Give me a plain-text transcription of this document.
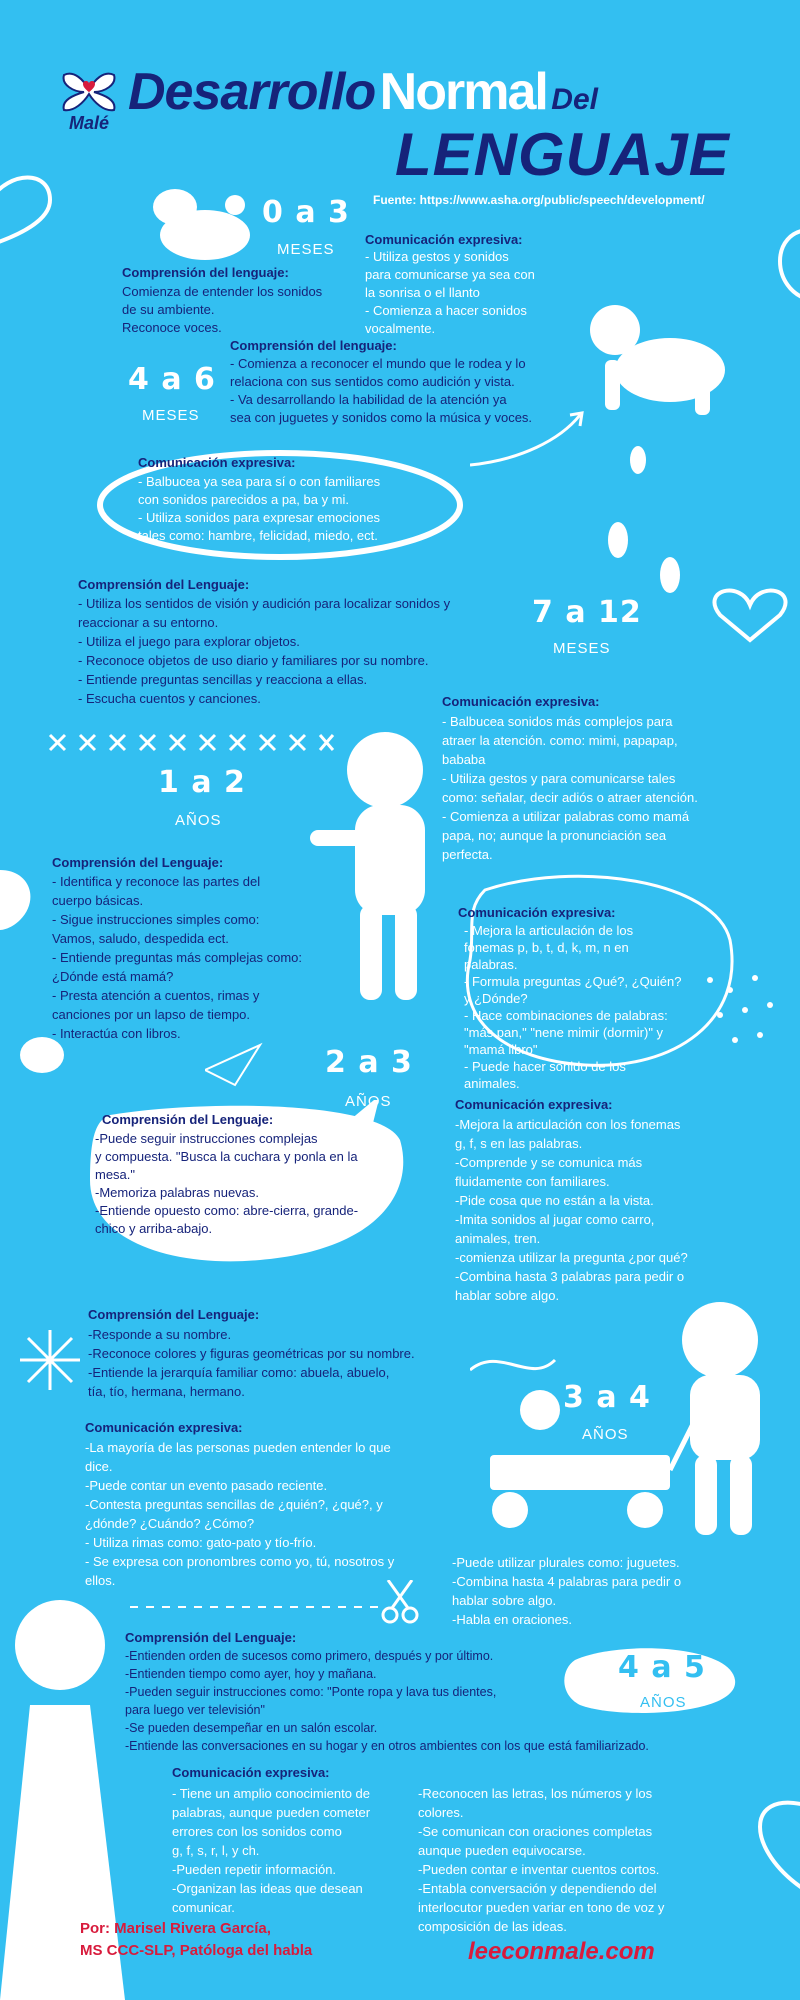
Malé
Desarrollo Normal Del
LENGUAJE
Fuente: https://www.asha.org/public/speech/development/
0 a 3
MESES
Comprensión del lenguaje:
Comienza de entender los sonidos
de su ambiente.
Reconoce voces.
Comunicación expresiva:
- Utiliza gestos y sonidos
para comunicarse ya sea con
la sonrisa o el llanto
- Comienza a hacer sonidos
vocalmente.
4 a 6
MESES
Comprensión del lenguaje:
- Comienza a reconocer el mundo que le rodea y lo
relaciona con sus sentidos como audición y vista.
- Va desarrollando la habilidad de la atención ya
sea con juguetes y sonidos como la música y voces.
Comunicación expresiva:
- Balbucea ya sea para sí o con familiares
con sonidos parecidos a pa, ba y mi.
- Utiliza sonidos para expresar emociones
tales como: hambre, felicidad, miedo, ect.
7 a 12
MESES
Comprensión del Lenguaje:
- Utiliza los sentidos de visión y audición para localizar sonidos y
reaccionar a su entorno.
- Utiliza el juego para explorar objetos.
- Reconoce objetos de uso diario y familiares por su nombre.
- Entiende preguntas sencillas y reacciona a ellas.
- Escucha cuentos y canciones.	Comunicación expresiva:
- Balbucea sonidos más complejos para
atraer la atención. como: mimi, papapap,
bababa
- Utiliza gestos y para comunicarse tales
como: señalar, decir adiós o atraer atención.
- Comienza a utilizar palabras como mamá
papa, no; aunque la pronunciación sea
perfecta.
1 a 2
AÑOS
Comprensión del Lenguaje:
- Identifica y reconoce las partes del
cuerpo básicas.
- Sigue instrucciones simples como:
Vamos, saludo, despedida ect.
- Entiende preguntas más complejas como:
¿Dónde está mamá?
- Presta atención a cuentos, rimas y
canciones por un lapso de tiempo.
- Interactúa con libros.
Comunicación expresiva:
- Mejora la articulación de los
fonemas p, b, t, d, k, m, n en
palabras.
- Formula preguntas ¿Qué?, ¿Quién?
y ¿Dónde?
- Hace combinaciones de palabras:
"más pan," "nene mimir (dormir)" y
"mamá libro"
- Puede hacer sonido de los
animales.
2 a 3
AÑOS
Comprensión del Lenguaje:
-Puede seguir instrucciones complejas
y compuesta. "Busca la cuchara y ponla en la
mesa."
-Memoriza palabras nuevas.
-Entiende opuesto como: abre-cierra, grande-
chico y arriba-abajo.
Comunicación expresiva:
-Mejora la articulación con los fonemas
g, f, s en las palabras.
-Comprende y se comunica más
fluidamente con familiares.
-Pide cosa que no están a la vista.
-Imita sonidos al jugar como carro,
animales, tren.
-comienza utilizar la pregunta ¿por qué?
-Combina hasta 3 palabras para pedir o
hablar sobre algo.
3 a 4
AÑOS
Comprensión del Lenguaje:
-Responde a su nombre.
-Reconoce colores y figuras geométricas por su nombre.
-Entiende la jerarquía familiar como: abuela, abuelo,
tía, tío, hermana, hermano.
Comunicación expresiva:
-La mayoría de las personas pueden entender lo que
dice.
-Puede contar un evento pasado reciente.
-Contesta preguntas sencillas de ¿quién?, ¿qué?, y
¿dónde? ¿Cuándo? ¿Cómo?
- Utiliza rimas como: gato-pato y tío-frío.
- Se expresa con pronombres como yo, tú, nosotros y
ellos.
-Puede utilizar plurales como: juguetes.
-Combina hasta 4 palabras para pedir o
hablar sobre algo.
-Habla en oraciones.
4 a 5
AÑOS
Comprensión del Lenguaje:
-Entienden orden de sucesos como primero, después y por último.
-Entienden tiempo como ayer, hoy y mañana.
-Pueden seguir instrucciones como: "Ponte ropa y lava tus dientes,
para luego ver televisión"
-Se pueden desempeñar en un salón escolar.
-Entiende las conversaciones en su hogar y en otros ambientes con los que está familiarizado.
Comunicación expresiva:
- Tiene un amplio conocimiento de
palabras, aunque pueden cometer
errores con los sonidos como
g, f, s, r, l, y ch.
-Pueden repetir información.
-Organizan las ideas que desean
comunicar.
-Reconocen las letras, los números y los
colores.
-Se comunican con oraciones completas
aunque pueden equivocarse.
-Pueden contar e inventar cuentos cortos.
-Entabla conversación y dependiendo del
interlocutor pueden variar en tono de voz y
composición de las ideas.
Por: Marisel Rivera García,
MS CCC-SLP, Patóloga del habla	leeconmale.com
